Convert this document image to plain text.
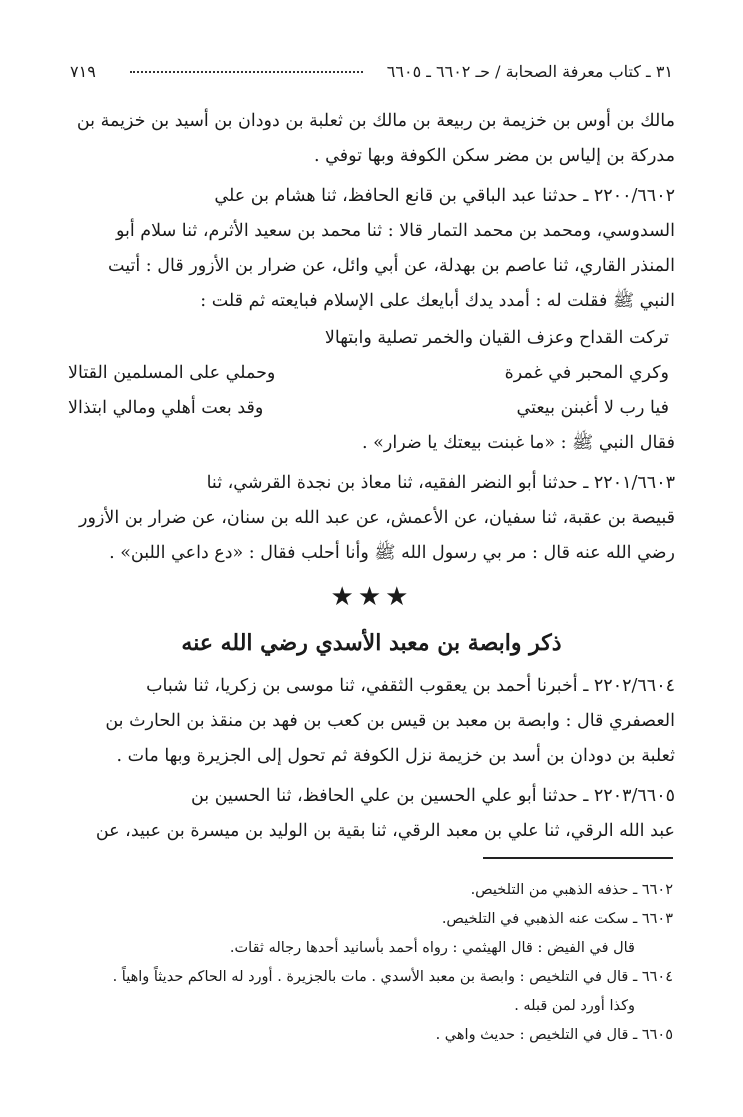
٣١ ـ كتاب معرفة الصحابة / حـ ٦٦٠٢ ـ ٦٦٠٥
٧١٩

مالك بن أوس بن خزيمة بن ربيعة بن مالك بن ثعلبة بن دودان بن أسيد بن خزيمة بن

مدركة بن إلياس بن مضر سكن الكوفة وبها توفي .

٢٢٠٠/٦٦٠٢ ـ حدثنا عبد الباقي بن قانع الحافظ، ثنا هشام بن علي

السدوسي، ومحمد بن محمد التمار قالا : ثنا محمد بن سعيد الأثرم، ثنا سلام أبو

المنذر القاري، ثنا عاصم بن بهدلة، عن أبي وائل، عن ضرار بن الأزور قال : أتيت

النبي ﷺ فقلت له : أمدد يدك أبايعك على الإسلام فبايعته ثم قلت :

تركت القداح وعزف القيان والخمر تصلية وابتهالا
وكري المحبر في غمرة
وحملي على المسلمين القتالا
فيا رب لا أغبنن بيعتي
وقد بعت أهلي ومالي ابتذالا

فقال النبي ﷺ : «ما غبنت بيعتك يا ضرار» .

٢٢٠١/٦٦٠٣ ـ حدثنا أبو النضر الفقيه، ثنا معاذ بن نجدة القرشي، ثنا

قبيصة بن عقبة، ثنا سفيان، عن الأعمش، عن عبد الله بن سنان، عن ضرار بن الأزور

رضي الله عنه قال : مر بي رسول الله ﷺ وأنا أحلب فقال : «دع داعي اللبن» .

★★★
ذكر وابصة بن معبد الأسدي رضي الله عنه

٢٢٠٢/٦٦٠٤ ـ أخبرنا أحمد بن يعقوب الثقفي، ثنا موسى بن زكريا، ثنا شباب

العصفري قال : وابصة بن معبد بن قيس بن كعب بن فهد بن منقذ بن الحارث بن

ثعلبة بن دودان بن أسد بن خزيمة نزل الكوفة ثم تحول إلى الجزيرة وبها مات .

٢٢٠٣/٦٦٠٥ ـ حدثنا أبو علي الحسين بن علي الحافظ، ثنا الحسين بن

عبد الله الرقي، ثنا علي بن معبد الرقي، ثنا بقية بن الوليد بن ميسرة بن عبيد، عن

٦٦٠٢ ـ حذفه الذهبي من التلخيص.

٦٦٠٣ ـ سكت عنه الذهبي في التلخيص.

قال في الفيض : قال الهيثمي : رواه أحمد بأسانيد أحدها رجاله ثقات.

٦٦٠٤ ـ قال في التلخيص : وابصة بن معبد الأسدي . مات بالجزيرة . أورد له الحاكم حديثاً واهياً .

وكذا أورد لمن قبله .

٦٦٠٥ ـ قال في التلخيص : حديث واهي .
